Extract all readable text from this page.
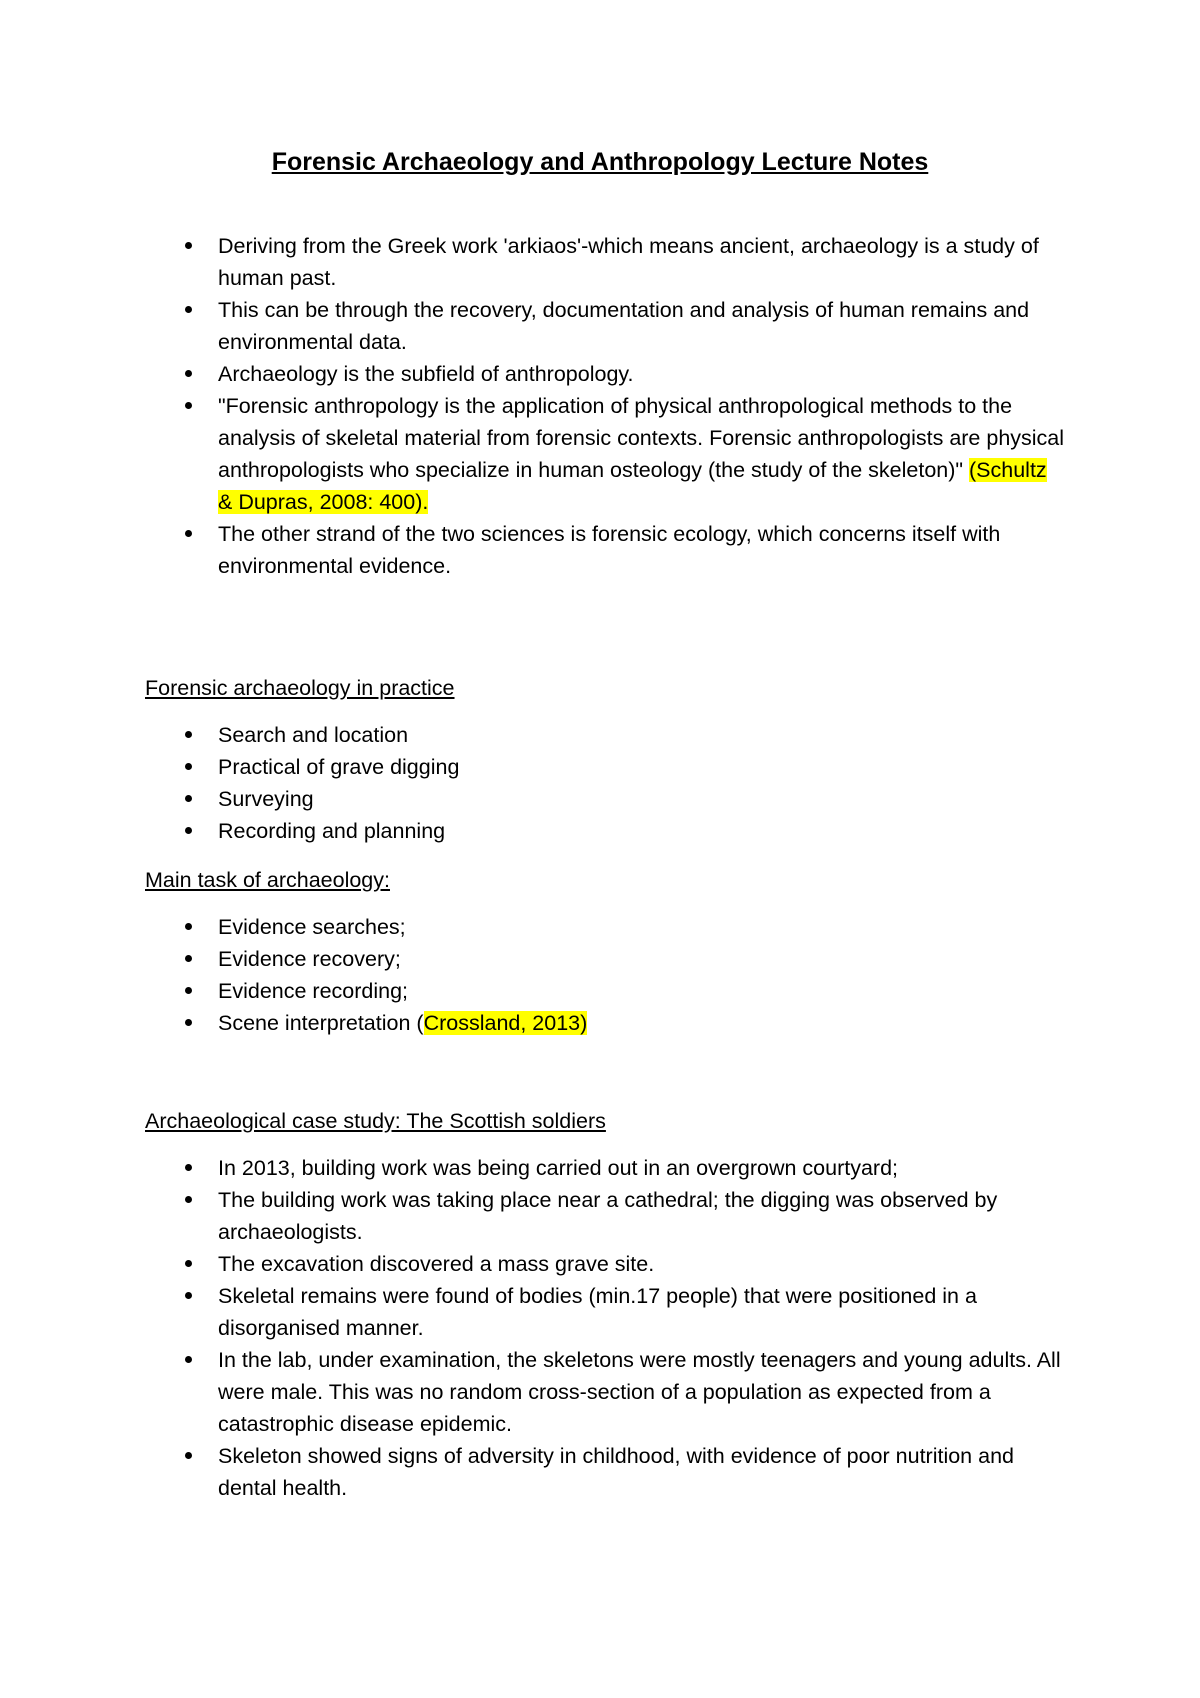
Forensic Archaeology and Anthropology Lecture Notes
Deriving from the Greek work 'arkiaos'-which means ancient, archaeology is a study of human past.
This can be through the recovery, documentation and analysis of human remains and environmental data.
Archaeology is the subfield of anthropology.
"Forensic anthropology is the application of physical anthropological methods to the analysis of skeletal material from forensic contexts. Forensic anthropologists are physical anthropologists who specialize in human osteology (the study of the skeleton)" (Schultz & Dupras, 2008: 400).
The other strand of the two sciences is forensic ecology, which concerns itself with environmental evidence.
Forensic archaeology in practice
Search and location
Practical of grave digging
Surveying
Recording and planning
Main task of archaeology:
Evidence searches;
Evidence recovery;
Evidence recording;
Scene interpretation (Crossland, 2013)
Archaeological case study: The Scottish soldiers
In 2013, building work was being carried out in an overgrown courtyard;
The building work was taking place near a cathedral; the digging was observed by archaeologists.
The excavation discovered a mass grave site.
Skeletal remains were found of bodies (min.17 people) that were positioned in a disorganised manner.
In the lab, under examination, the skeletons were mostly teenagers and young adults. All were male. This was no random cross-section of a population as expected from a catastrophic disease epidemic.
Skeleton showed signs of adversity in childhood, with evidence of poor nutrition and dental health.
